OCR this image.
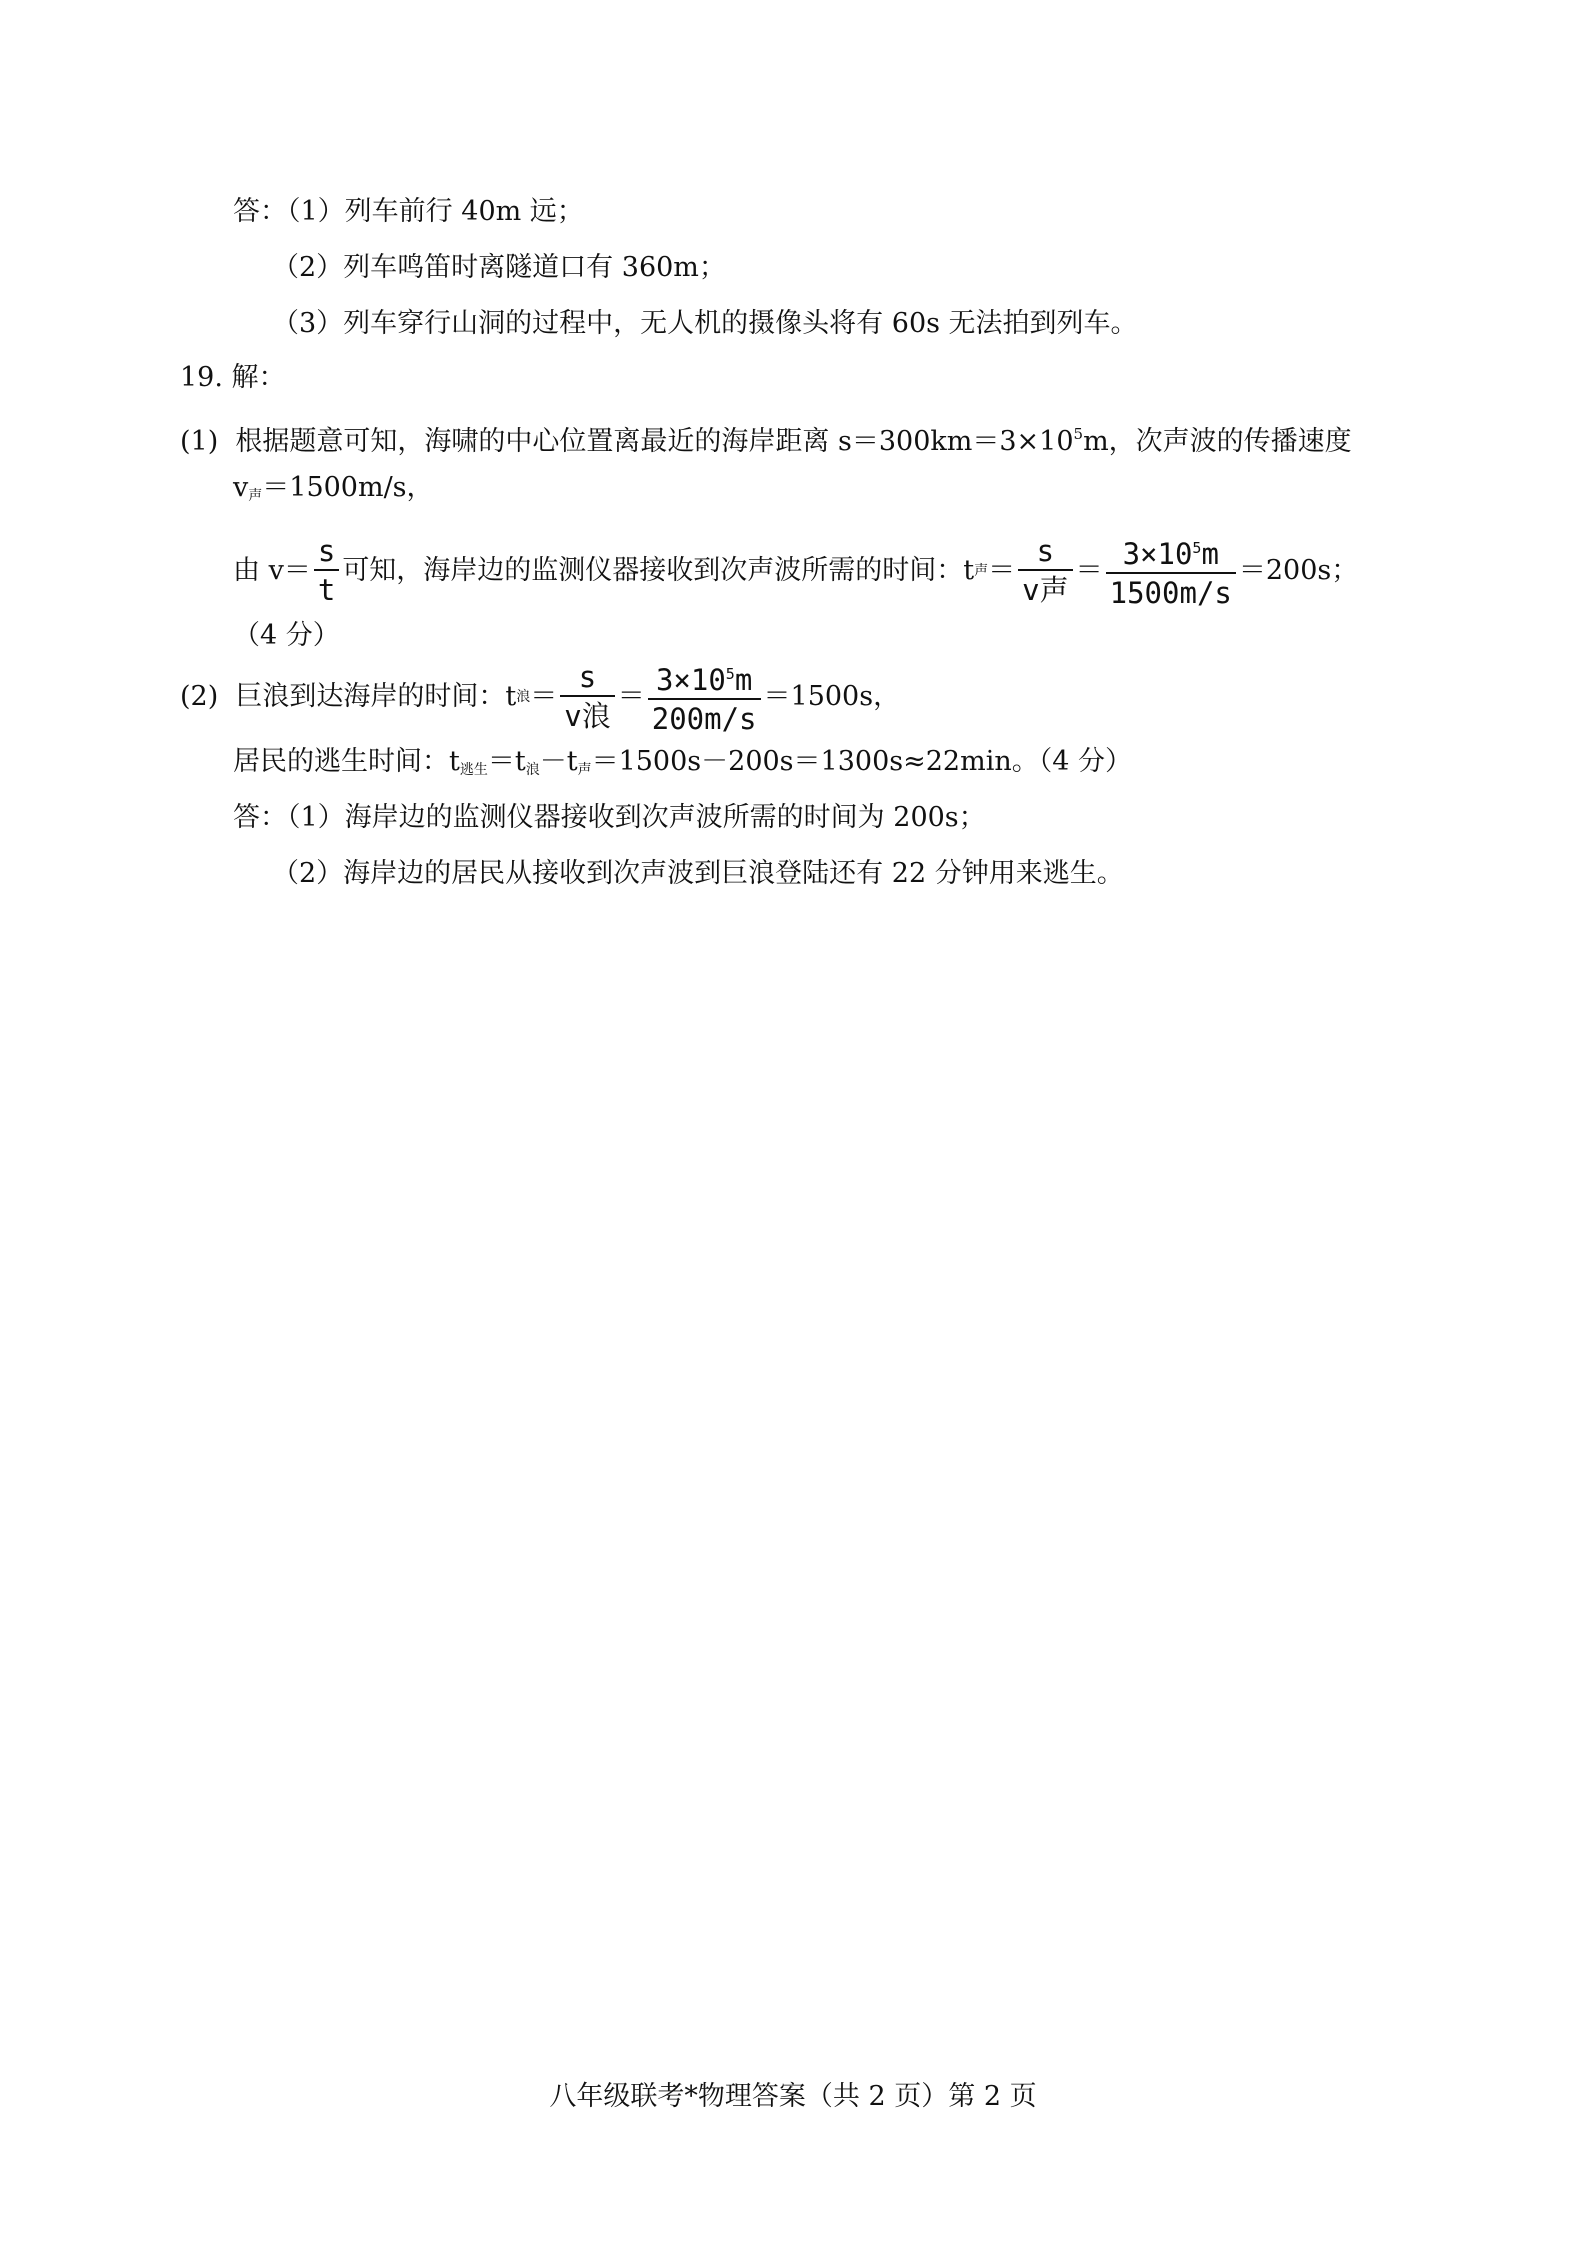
答：（1）列车前行 40m 远；
（2）列车鸣笛时离隧道口有 360m；
（3）列车穿行山洞的过程中，无人机的摄像头将有 60s 无法拍到列车。
19. 解：
(1) 根据题意可知，海啸的中心位置离最近的海岸距离 $s=300km=3\times 10^5m$，次声波的传播速度
$v_声=1500m/s$，
由 $v= \frac{s}{t}$ 可知，海岸边的监测仪器接收到次声波所需的时间：t声＝ $\frac{s}{\text{v声}} = \frac{3\times 10^5m}{1500m/s} =200s$；
（4 分）
(2) 巨浪到达海岸的时间：t浪＝ $\frac{s}{\text{v浪}} = \frac{3\times 10^5m}{200m/s} =1500s$，
居民的逃生时间：$t_{逃生}=t_浪-t_声=1500s-200s=1300s\approx 22\min$。（4 分）
答：（1）海岸边的监测仪器接收到次声波所需的时间为 200s；
（2）海岸边的居民从接收到次声波到巨浪登陆还有 22 分钟用来逃生。
八年级联考*物理答案（共 2 页）第 2 页
